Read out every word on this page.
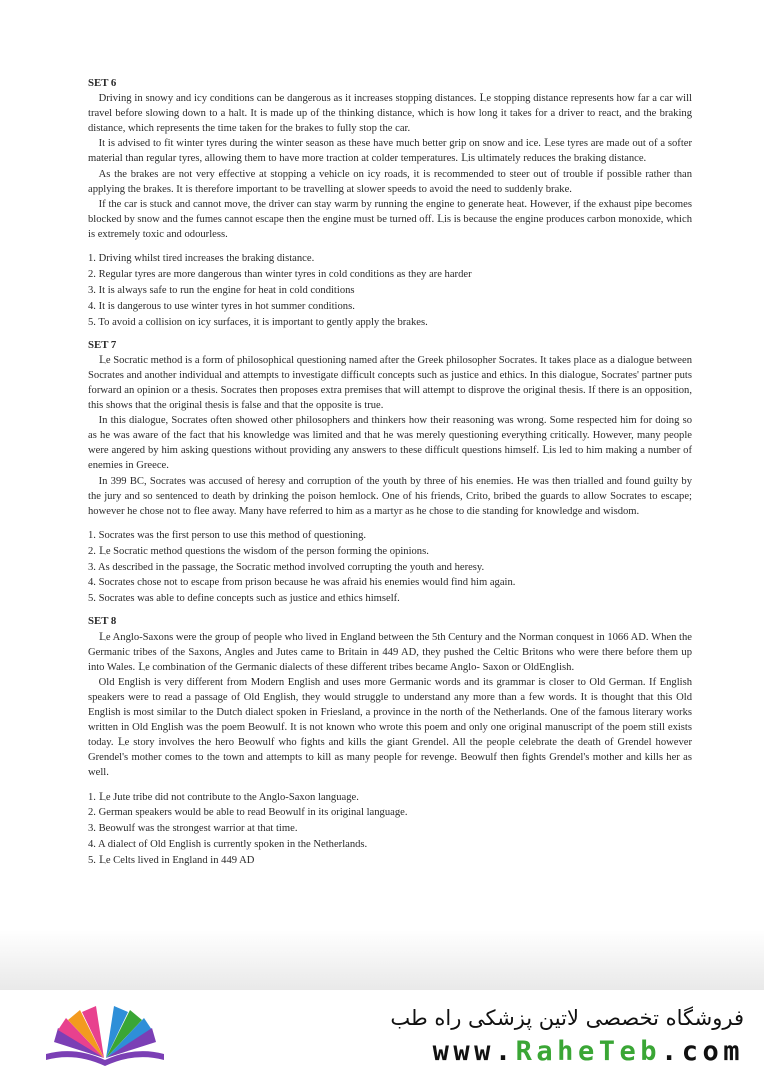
SET 6

 Driving in snowy and icy conditions can be dangerous as it increases stopping distances. Լe stopping distance represents how far a car will travel before slowing down to a halt. It is made up of the thinking distance, which is how long it takes for a driver to react, and the braking distance, which represents the time taken for the brakes to fully stop the car.

 It is advised to fit winter tyres during the winter season as these have much better grip on snow and ice. Լese tyres are made out of a softer material than regular tyres, allowing them to have more traction at colder temperatures. Լis ultimately reduces the braking distance.

 As the brakes are not very effective at stopping a vehicle on icy roads, it is recommended to steer out of trouble if possible rather than applying the brakes. It is therefore important to be travelling at slower speeds to avoid the need to suddenly brake.

 If the car is stuck and cannot move, the driver can stay warm by running the engine to generate heat. However, if the exhaust pipe becomes blocked by snow and the fumes cannot escape then the engine must be turned off. Լis is because the engine produces carbon monoxide, which is extremely toxic and odourless.

1. Driving whilst tired increases the braking distance.
2. Regular tyres are more dangerous than winter tyres in cold conditions as they are harder
3. It is always safe to run the engine for heat in cold conditions
4. It is dangerous to use winter tyres in hot summer conditions.
5. To avoid a collision on icy surfaces, it is important to gently apply the brakes.

SET 7

 Լe Socratic method is a form of philosophical questioning named after the Greek philosopher Socrates. It takes place as a dialogue between Socrates and another individual and attempts to investigate difficult concepts such as justice and ethics. In this dialogue, Socrates' partner puts forward an opinion or a thesis. Socrates then proposes extra premises that will attempt to disprove the original thesis. If there is an opposition, this shows that the original thesis is false and that the opposite is true.

 In this dialogue, Socrates often showed other philosophers and thinkers how their reasoning was wrong. Some respected him for doing so as he was aware of the fact that his knowledge was limited and that he was merely questioning everything critically. However, many people were angered by him asking questions without providing any answers to these difficult questions himself. Լis led to him making a number of enemies in Greece.

 In 399 BC, Socrates was accused of heresy and corruption of the youth by three of his enemies. He was then trialled and found guilty by the jury and so sentenced to death by drinking the poison hemlock. One of his friends, Crito, bribed the guards to allow Socrates to escape; however he chose not to flee away. Many have referred to him as a martyr as he chose to die standing for knowledge and wisdom.

1. Socrates was the first person to use this method of questioning.
2. Լe Socratic method questions the wisdom of the person forming the opinions.
3. As described in the passage, the Socratic method involved corrupting the youth and heresy.
4. Socrates chose not to escape from prison because he was afraid his enemies would find him again.
5. Socrates was able to define concepts such as justice and ethics himself.

SET 8

 Լe Anglo-Saxons were the group of people who lived in England between the 5th Century and the Norman conquest in 1066 AD. When the Germanic tribes of the Saxons, Angles and Jutes came to Britain in 449 AD, they pushed the Celtic Britons who were there before them up into Wales. Լe combination of the Germanic dialects of these different tribes became Anglo- Saxon or OldEnglish.

 Old English is very different from Modern English and uses more Germanic words and its grammar is closer to Old German. If English speakers were to read a passage of Old English, they would struggle to understand any more than a few words. It is thought that this Old English is most similar to the Dutch dialect spoken in Friesland, a province in the north of the Netherlands. One of the famous literary works written in Old English was the poem Beowulf. It is not known who wrote this poem and only one original manuscript of the poem still exists today. Լe story involves the hero Beowulf who fights and kills the giant Grendel. All the people celebrate the death of Grendel however Grendel's mother comes to the town and attempts to kill as many people for revenge. Beowulf then fights Grendel's mother and kills her as well.

1. Լe Jute tribe did not contribute to the Anglo-Saxon language.
2. German speakers would be able to read Beowulf in its original language.
3. Beowulf was the strongest warrior at that time.
4. A dialect of Old English is currently spoken in the Netherlands.
5. Լe Celts lived in England in 449 AD
فروشگاه تخصصی لاتین پزشکی راه طب
www.RaheTeb.com
